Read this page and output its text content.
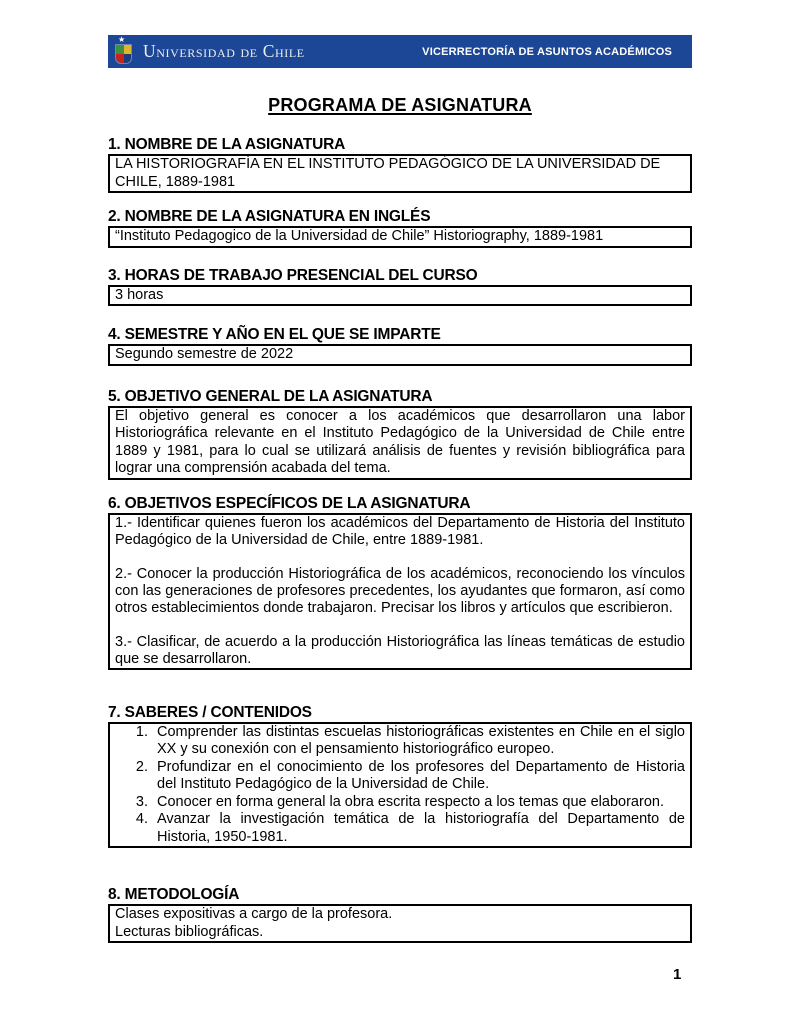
★
Universidad de Chile	VICERRECTORÍA DE ASUNTOS ACADÉMICOS
PROGRAMA DE ASIGNATURA
1. NOMBRE DE LA ASIGNATURA
LA HISTORIOGRAFÍA EN EL INSTITUTO PEDAGÓGICO DE LA UNIVERSIDAD DE CHILE, 1889-1981
2. NOMBRE DE LA ASIGNATURA EN INGLÉS
“Instituto Pedagogico de la Universidad de Chile” Historiography, 1889-1981
3. HORAS DE TRABAJO PRESENCIAL DEL CURSO
3 horas
4. SEMESTRE Y AÑO EN EL QUE SE IMPARTE
Segundo semestre de 2022
5. OBJETIVO GENERAL DE LA ASIGNATURA
El objetivo general es conocer a los académicos que desarrollaron una labor Historiográfica relevante en el Instituto Pedagógico de la Universidad de Chile entre 1889 y 1981, para lo cual se utilizará análisis de fuentes y revisión bibliográfica para lograr una comprensión acabada del tema.
6. OBJETIVOS ESPECÍFICOS DE LA ASIGNATURA

1.- Identificar quienes fueron los académicos del Departamento de Historia del Instituto Pedagógico de la Universidad de Chile, entre 1889-1981.

2.- Conocer la producción Historiográfica de los académicos, reconociendo los vínculos con las generaciones de profesores precedentes, los ayudantes que formaron, así como otros establecimientos donde trabajaron. Precisar los libros y artículos que escribieron.

3.- Clasificar, de acuerdo a la producción Historiográfica las líneas temáticas de estudio que se desarrollaron.

7. SABERES / CONTENIDOS
1. Comprender las distintas escuelas historiográficas existentes en Chile en el siglo XX y su conexión con el pensamiento historiográfico europeo.
2. Profundizar en el conocimiento de los profesores del Departamento de Historia del Instituto Pedagógico de la Universidad de Chile.
3. Conocer en forma general la obra escrita respecto a los temas que elaboraron.
4. Avanzar la investigación temática de la historiografía del Departamento de Historia, 1950-1981.
8. METODOLOGÍA
Clases expositivas a cargo de la profesora.
Lecturas bibliográficas.
1
